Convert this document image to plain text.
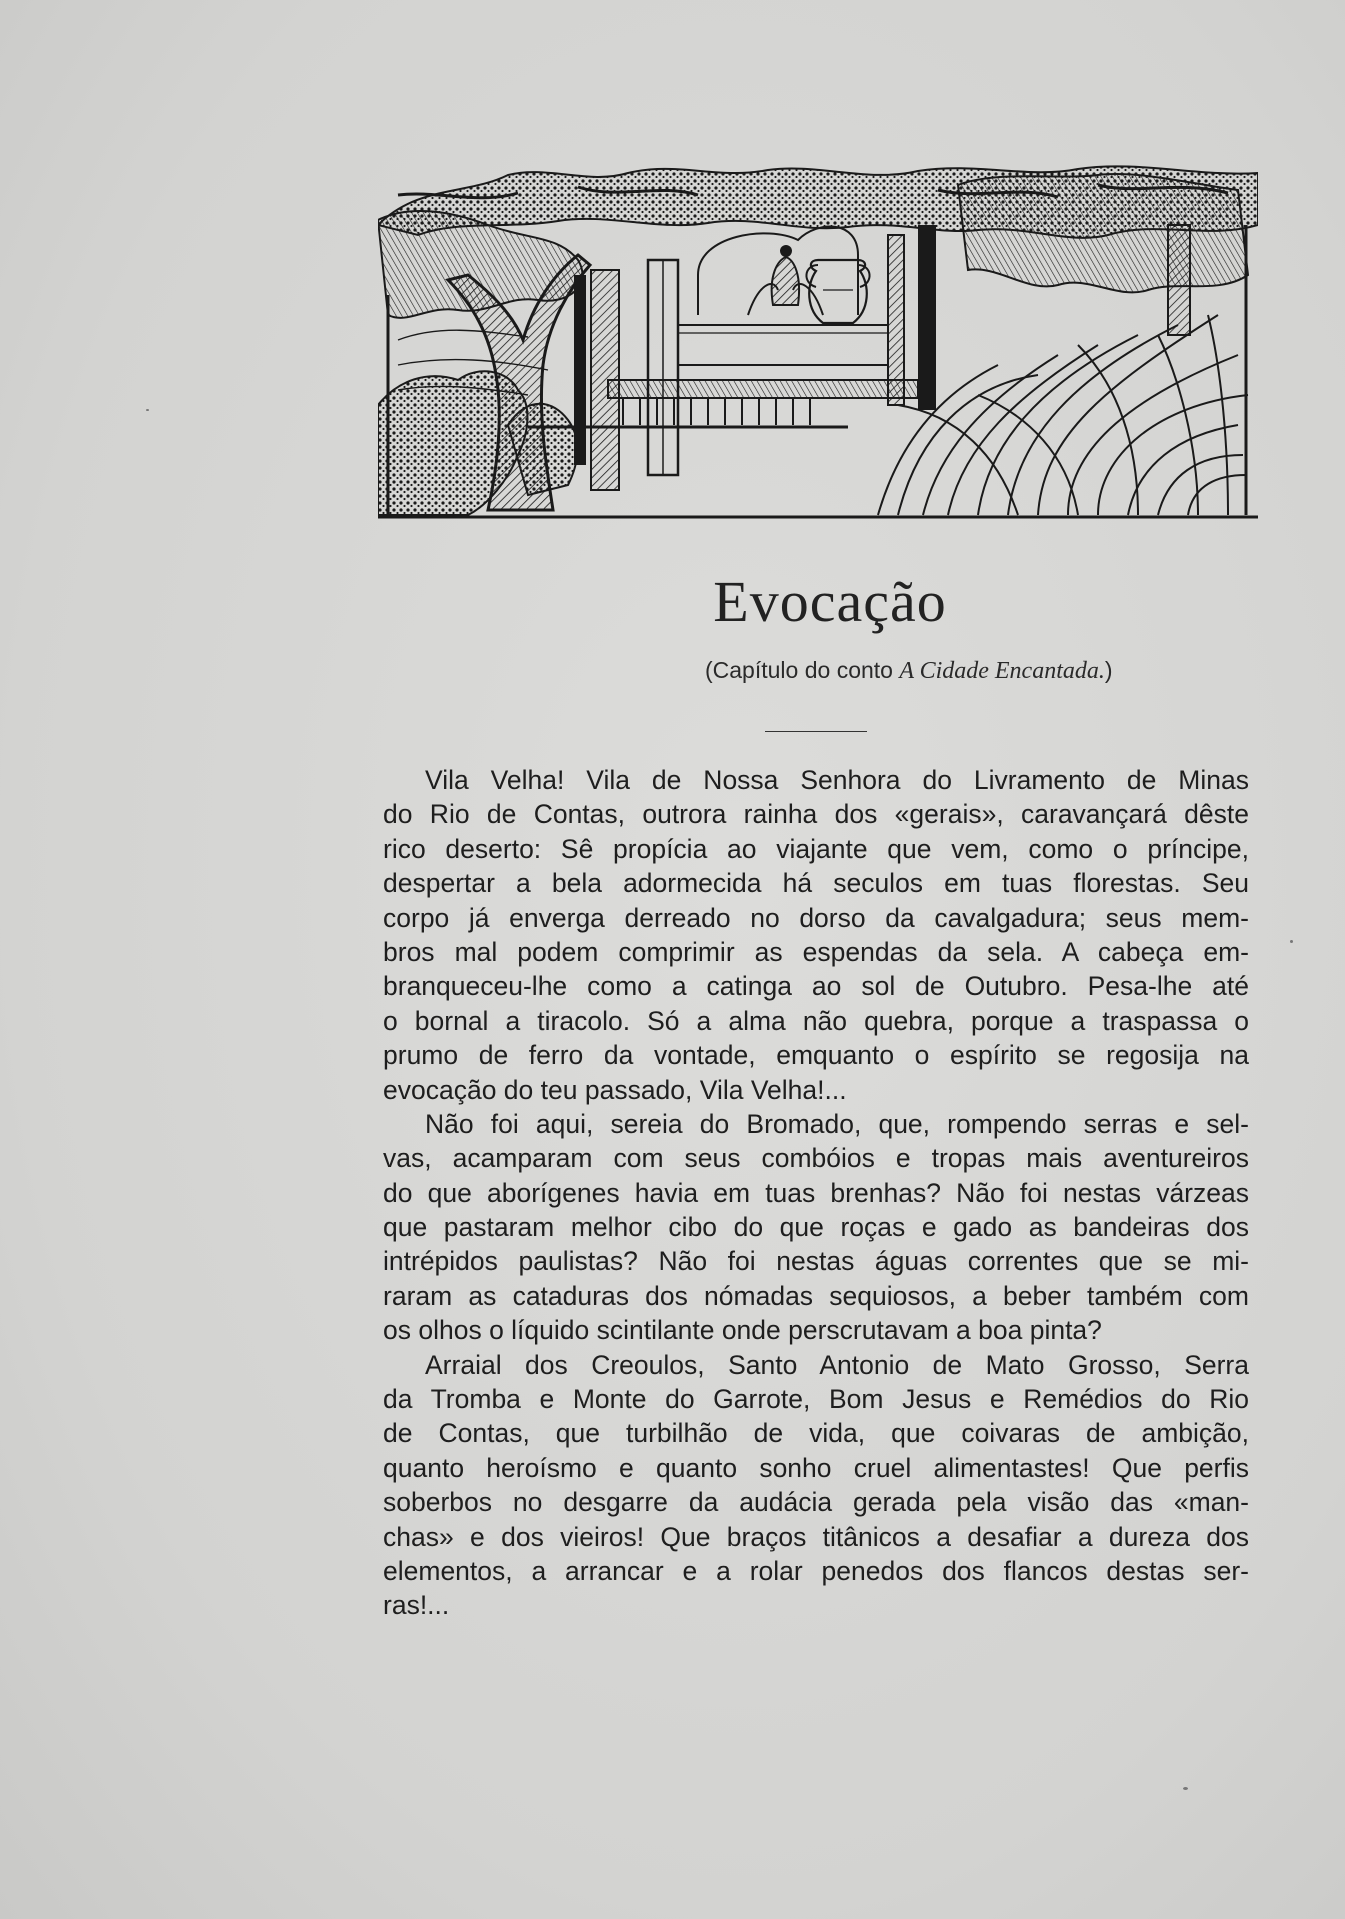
Evocação
(Capítulo do conto A Cidade Encantada.)

Vila Velha! Vila de Nossa Senhora do Livramento de Minas
do Rio de Contas, outrora rainha dos «gerais», caravançará dêste
rico deserto: Sê propícia ao viajante que vem, como o príncipe,
despertar a bela adormecida há seculos em tuas florestas. Seu
corpo já enverga derreado no dorso da cavalgadura; seus mem-
bros mal podem comprimir as espendas da sela. A cabeça em-
branqueceu-lhe como a catinga ao sol de Outubro. Pesa-lhe até
o bornal a tiracolo. Só a alma não quebra, porque a traspassa o
prumo de ferro da vontade, emquanto o espírito se regosija na
evocação do teu passado, Vila Velha!...

Não foi aqui, sereia do Bromado, que, rompendo serras e sel-
vas, acamparam com seus combóios e tropas mais aventureiros
do que aborígenes havia em tuas brenhas? Não foi nestas várzeas
que pastaram melhor cibo do que roças e gado as bandeiras dos
intrépidos paulistas? Não foi nestas águas correntes que se mi-
raram as cataduras dos nómadas sequiosos, a beber também com
os olhos o líquido scintilante onde perscrutavam a boa pinta?

Arraial dos Creoulos, Santo Antonio de Mato Grosso, Serra
da Tromba e Monte do Garrote, Bom Jesus e Remédios do Rio
de Contas, que turbilhão de vida, que coivaras de ambição,
quanto heroísmo e quanto sonho cruel alimentastes! Que perfis
soberbos no desgarre da audácia gerada pela visão das «man-
chas» e dos vieiros! Que braços titânicos a desafiar a dureza dos
elementos, a arrancar e a rolar penedos dos flancos destas ser-
ras!...
